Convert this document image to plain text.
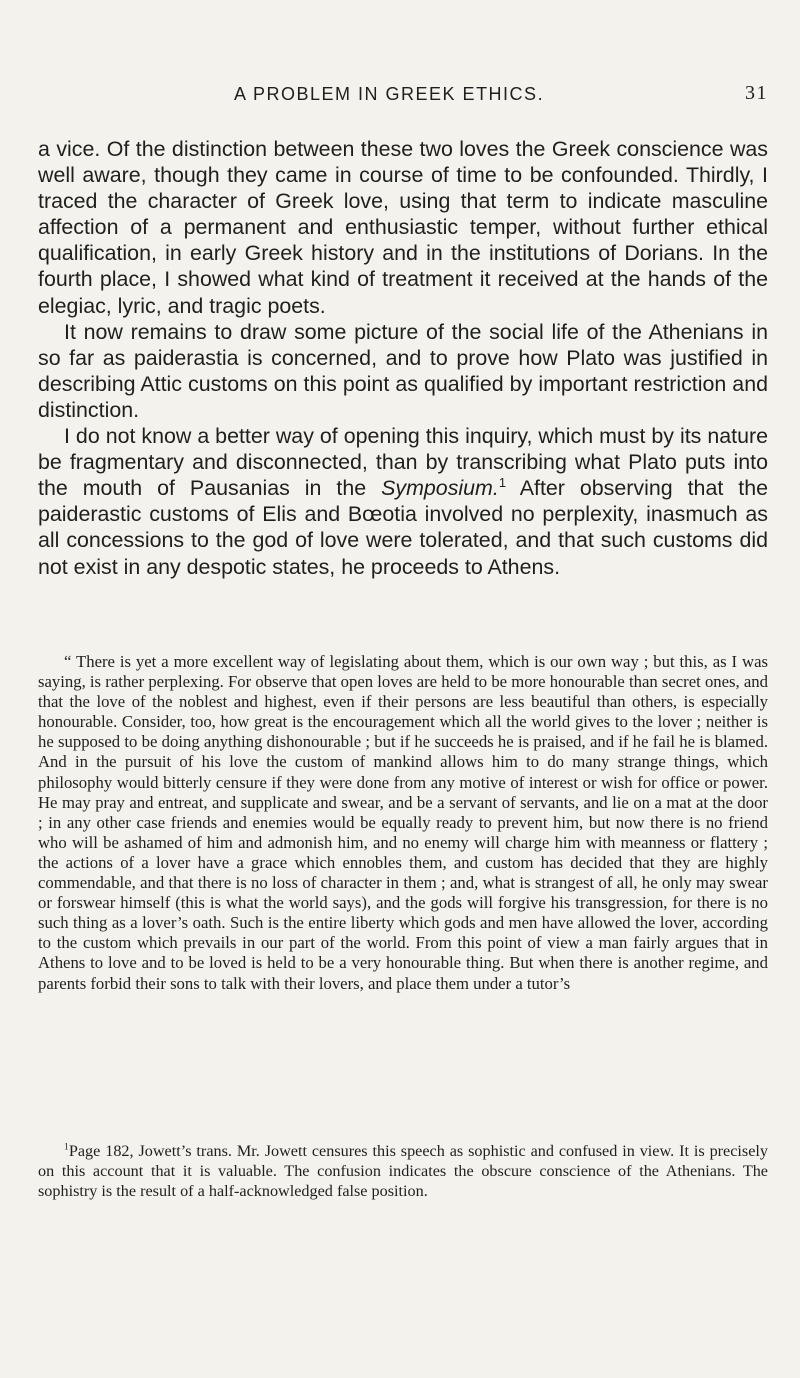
A PROBLEM IN GREEK ETHICS.	31

a vice. Of the distinction between these two loves the Greek conscience was well aware, though they came in course of time to be confounded. Thirdly, I traced the character of Greek love, using that term to indicate masculine affection of a permanent and enthusiastic temper, without further ethical qualification, in early Greek history and in the institutions of Dorians. In the fourth place, I showed what kind of treatment it received at the hands of the elegiac, lyric, and tragic poets.

It now remains to draw some picture of the social life of the Athenians in so far as paiderastia is concerned, and to prove how Plato was justified in describing Attic customs on this point as qualified by important restriction and distinction.

I do not know a better way of opening this inquiry, which must by its nature be fragmentary and disconnected, than by transcribing what Plato puts into the mouth of Pausanias in the Symposium.$^1$ After observing that the paiderastic customs of Elis and Bœotia involved no perplexity, inasmuch as all concessions to the god of love were tolerated, and that such customs did not exist in any despotic states, he proceeds to Athens.

“ There is yet a more excellent way of legislating about them, which is our own way ; but this, as I was saying, is rather perplexing. For observe that open loves are held to be more honourable than secret ones, and that the love of the noblest and highest, even if their persons are less beautiful than others, is especially honourable. Consider, too, how great is the encouragement which all the world gives to the lover ; neither is he supposed to be doing anything dishonourable ; but if he succeeds he is praised, and if he fail he is blamed. And in the pursuit of his love the custom of mankind allows him to do many strange things, which philosophy would bitterly censure if they were done from any motive of interest or wish for office or power. He may pray and entreat, and supplicate and swear, and be a servant of servants, and lie on a mat at the door ; in any other case friends and enemies would be equally ready to prevent him, but now there is no friend who will be ashamed of him and admonish him, and no enemy will charge him with meanness or flattery ; the actions of a lover have a grace which ennobles them, and custom has decided that they are highly commendable, and that there is no loss of character in them ; and, what is strangest of all, he only may swear or forswear himself (this is what the world says), and the gods will forgive his transgression, for there is no such thing as a lover’s oath. Such is the entire liberty which gods and men have allowed the lover, according to the custom which prevails in our part of the world. From this point of view a man fairly argues that in Athens to love and to be loved is held to be a very honourable thing. But when there is another regime, and parents forbid their sons to talk with their lovers, and place them under a tutor’s

$^1$Page 182, Jowett’s trans. Mr. Jowett censures this speech as sophistic and confused in view. It is precisely on this account that it is valuable. The confusion indicates the obscure conscience of the Athenians. The sophistry is the result of a half-acknowledged false position.
